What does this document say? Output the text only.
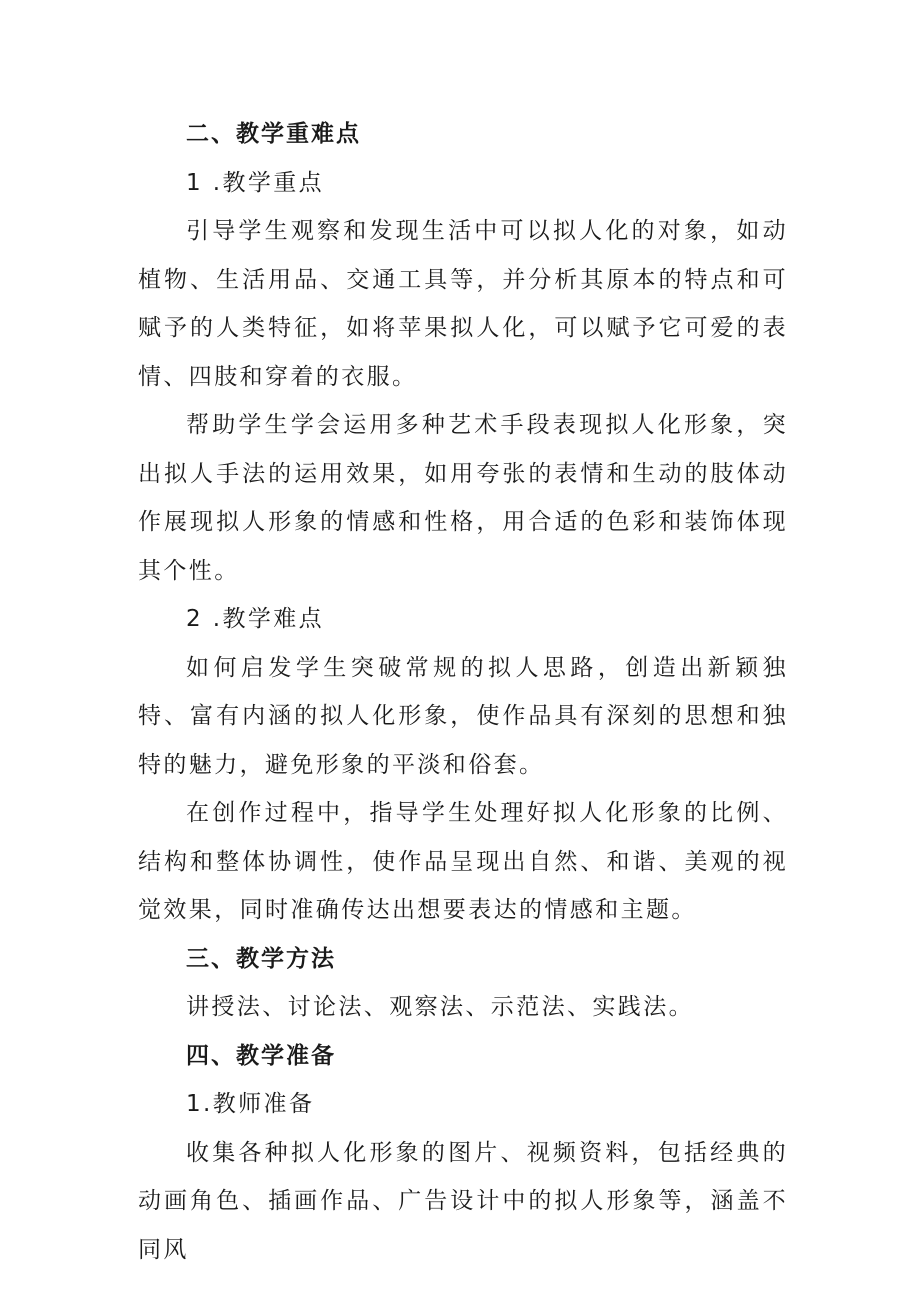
二、教学重难点

1 .教学重点

引导学生观察和发现生活中可以拟人化的对象，如动植物、生活用品、交通工具等，并分析其原本的特点和可赋予的人类特征，如将苹果拟人化，可以赋予它可爱的表情、四肢和穿着的衣服。

帮助学生学会运用多种艺术手段表现拟人化形象，突出拟人手法的运用效果，如用夸张的表情和生动的肢体动作展现拟人形象的情感和性格，用合适的色彩和装饰体现其个性。

2 .教学难点

如何启发学生突破常规的拟人思路，创造出新颖独特、富有内涵的拟人化形象，使作品具有深刻的思想和独特的魅力，避免形象的平淡和俗套。

在创作过程中，指导学生处理好拟人化形象的比例、结构和整体协调性，使作品呈现出自然、和谐、美观的视觉效果，同时准确传达出想要表达的情感和主题。

三、教学方法

讲授法、讨论法、观察法、示范法、实践法。

四、教学准备

1.教师准备

收集各种拟人化形象的图片、视频资料，包括经典的动画角色、插画作品、广告设计中的拟人形象等，涵盖不同风
